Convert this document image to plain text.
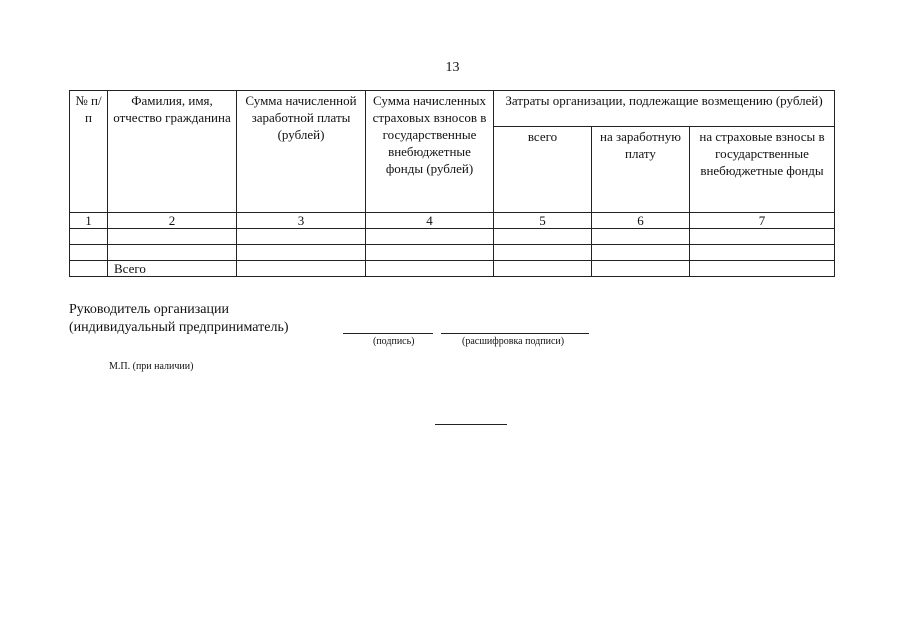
13
№ п/п	Фамилия, имя, отчество гражданина	Сумма начисленной заработной платы (рублей)	Сумма начисленных страховых взносов в государственные внебюджетные фонды (рублей)	Затраты организации, подлежащие возмещению (рублей)		
				всего	на заработную плату	на страховые взносы в государственные внебюджетные фонды
1	2	3	4	5	6	7

	Всего					
Руководитель организации
(индивидуальный предприниматель)
(подпись)	(расшифровка подписи)
М.П. (при наличии)
